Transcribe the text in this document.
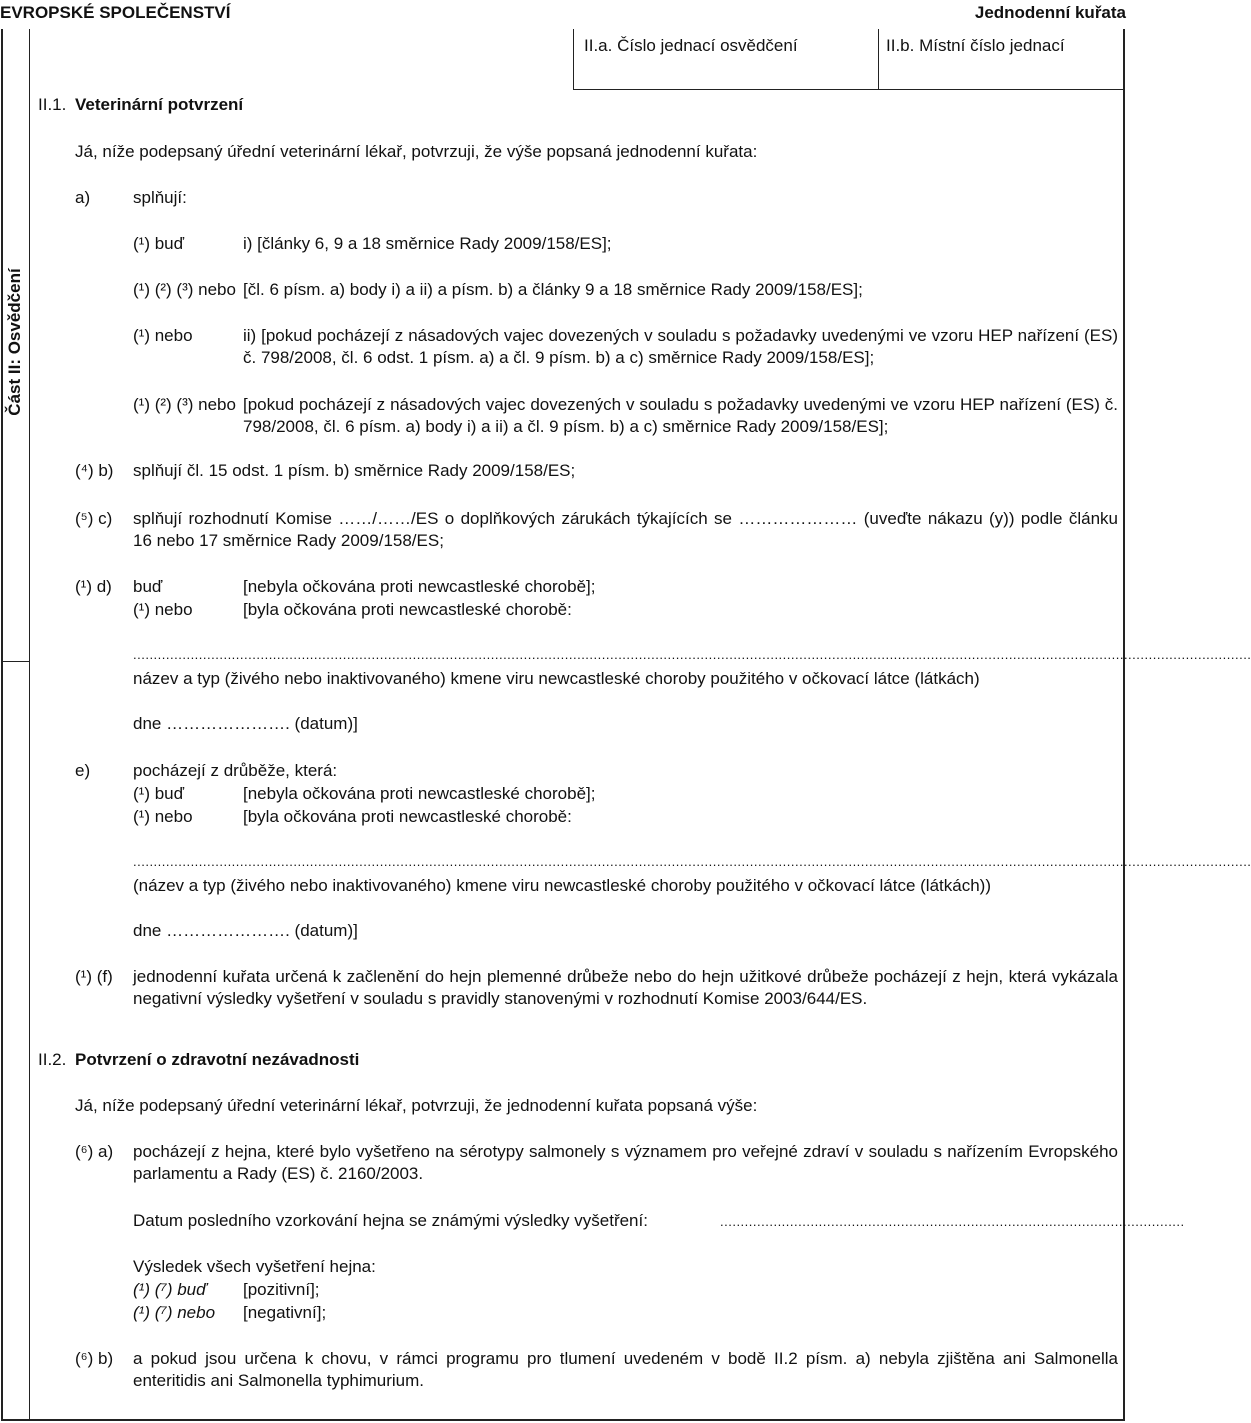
EVROPSKÉ SPOLEČENSTVÍ	Jednodenní kuřata
Část II: Osvědčení
II.a. Číslo jednací osvědčení	II.b. Místní číslo jednací
II.1. Veterinární potvrzení
Já, níže podepsaný úřední veterinární lékař, potvrzuji, že výše popsaná jednodenní kuřata:
a)	splňují:
(¹) buď	i) [články 6, 9 a 18 směrnice Rady 2009/158/ES];
(¹) (²) (³) nebo [čl. 6 písm. a) body i) a ii) a písm. b) a články 9 a 18 směrnice Rady 2009/158/ES];
(¹) nebo	ii) [pokud pocházejí z násadových vajec dovezených v souladu s požadavky uvedenými ve vzoru HEP nařízení (ES) č. 798/2008, čl. 6 odst. 1 písm. a) a čl. 9 písm. b) a c) směrnice Rady 2009/158/ES];
(¹) (²) (³) nebo [pokud pocházejí z násadových vajec dovezených v souladu s požadavky uvedenými ve vzoru HEP nařízení (ES) č. 798/2008, čl. 6 písm. a) body i) a ii) a čl. 9 písm. b) a c) směrnice Rady 2009/158/ES];
(⁴) b) splňují čl. 15 odst. 1 písm. b) směrnice Rady 2009/158/ES;
(⁵) c) splňují rozhodnutí Komise ……/……/ES o doplňkových zárukách týkajících se ………………… (uveďte nákazu (y)) podle článku 16 nebo 17 směrnice Rady 2009/158/ES;
(¹) d) buď	[nebyla očkována proti newcastleské chorobě];
(¹) nebo	[byla očkována proti newcastleské chorobě:
................................................................................................................................................................................................................................................................................
název a typ (živého nebo inaktivovaného) kmene viru newcastleské choroby použitého v očkovací látce (látkách)
dne …………………. (datum)]
e)	pocházejí z drůběže, která:
(¹) buď	[nebyla očkována proti newcastleské chorobě];
(¹) nebo	[byla očkována proti newcastleské chorobě:
................................................................................................................................................................................................................................................................................
(název a typ (živého nebo inaktivovaného) kmene viru newcastleské choroby použitého v očkovací látce (látkách))
dne …………………. (datum)]
(¹) (f) jednodenní kuřata určená k začlenění do hejn plemenné drůbeže nebo do hejn užitkové drůbeže pocházejí z hejn, která vykázala negativní výsledky vyšetření v souladu s pravidly stanovenými v rozhodnutí Komise 2003/644/ES.
II.2. Potvrzení o zdravotní nezávadnosti
Já, níže podepsaný úřední veterinární lékař, potvrzuji, že jednodenní kuřata popsaná výše:
(⁶) a) pocházejí z hejna, které bylo vyšetřeno na sérotypy salmonely s významem pro veřejné zdraví v souladu s nařízením Evropského parlamentu a Rady (ES) č. 2160/2003.
Datum posledního vzorkování hejna se známými výsledky vyšetření:	.................................................................................................................
Výsledek všech vyšetření hejna:
(¹) (⁷) buď [pozitivní];
(¹) (⁷) nebo [negativní];
(⁶) b) a pokud jsou určena k chovu, v rámci programu pro tlumení uvedeném v bodě II.2 písm. a) nebyla zjištěna ani Salmonella enteritidis ani Salmonella typhimurium.
